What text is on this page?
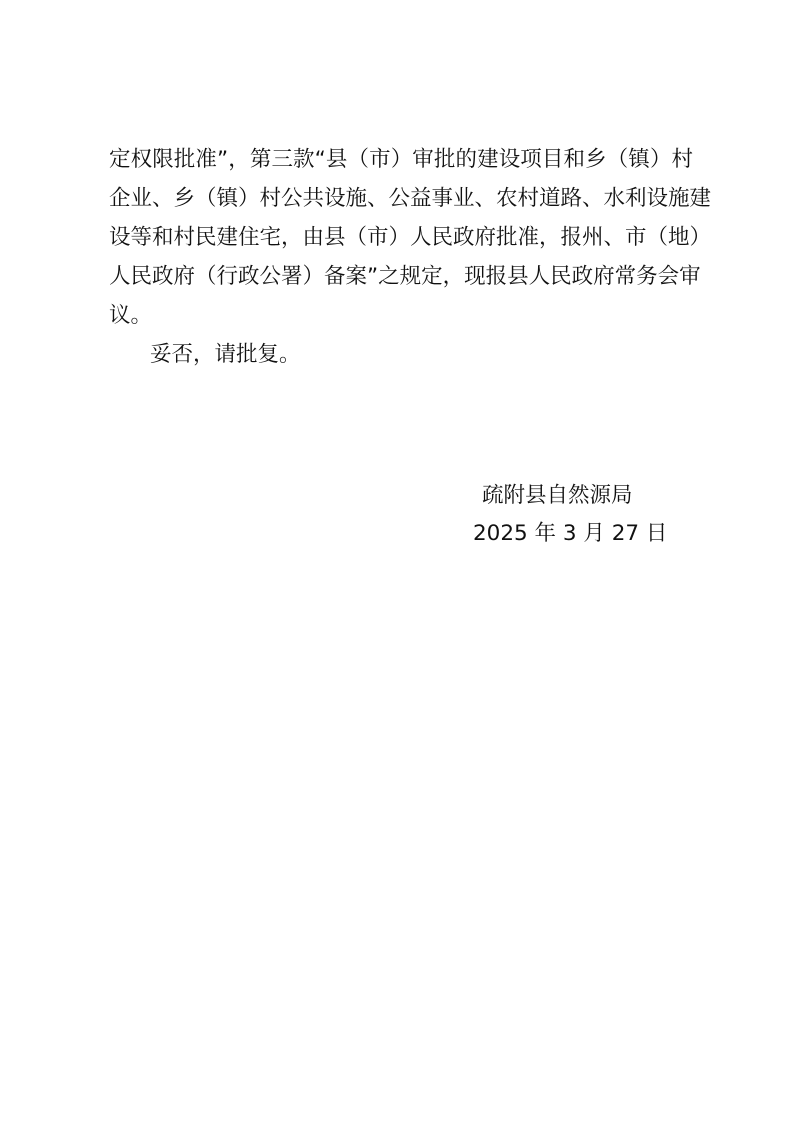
定权限批准”，第三款“县（市）审批的建设项目和乡（镇）村
企业、乡（镇）村公共设施、公益事业、农村道路、水利设施建
设等和村民建住宅，由县（市）人民政府批准，报州、市（地）
人民政府（行政公署）备案”之规定，现报县人民政府常务会审
议。
妥否，请批复。
疏附县自然源局
2025 年 3 月 27 日
